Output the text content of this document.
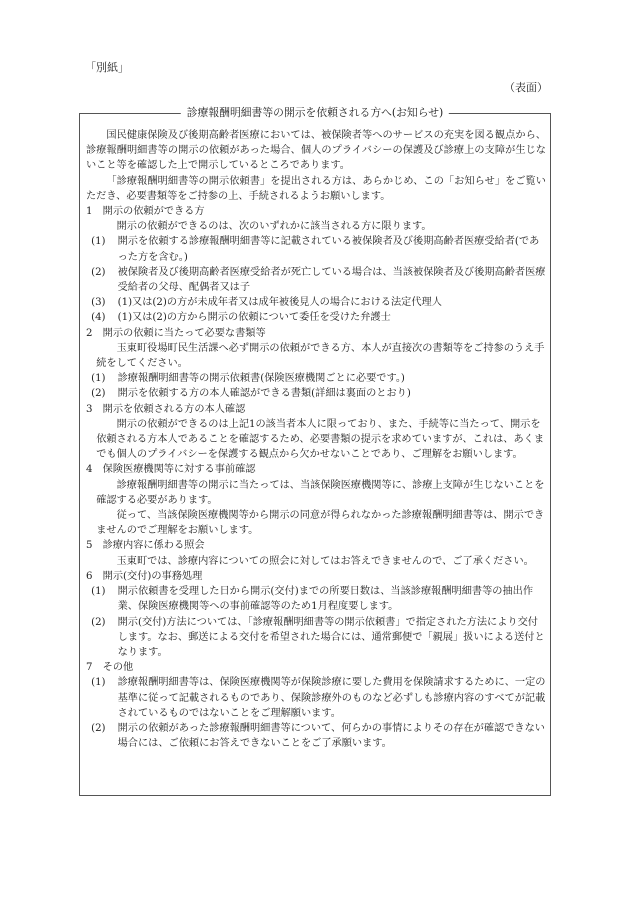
「別紙」
（表面）
診療報酬明細書等の開示を依頼される方へ(お知らせ)
国民健康保険及び後期高齢者医療においては、被保険者等へのサービスの充実を図る観点から、診療報酬明細書等の開示の依頼があった場合、個人のプライバシーの保護及び診療上の支障が生じないこと等を確認した上で開示しているところであります。
「診療報酬明細書等の開示依頼書」を提出される方は、あらかじめ、この「お知らせ」をご覧いただき、必要書類等をご持参の上、手続されるようお願いします。
1　開示の依頼ができる方
開示の依頼ができるのは、次のいずれかに該当される方に限ります。
(1) 開示を依頼する診療報酬明細書等に記載されている被保険者及び後期高齢者医療受給者(であった方を含む。)
(2) 被保険者及び後期高齢者医療受給者が死亡している場合は、当該被保険者及び後期高齢者医療受給者の父母、配偶者又は子
(3) (1)又は(2)の方が未成年者又は成年被後見人の場合における法定代理人
(4) (1)又は(2)の方から開示の依頼について委任を受けた弁護士
2　開示の依頼に当たって必要な書類等
玉東町役場町民生活課へ必ず開示の依頼ができる方、本人が直接次の書類等をご持参のうえ手続をしてください。
(1) 診療報酬明細書等の開示依頼書(保険医療機関ごとに必要です。)
(2) 開示を依頼する方の本人確認ができる書類(詳細は裏面のとおり)
3　開示を依頼される方の本人確認
開示の依頼ができるのは上記1の該当者本人に限っており、また、手続等に当たって、開示を依頼される方本人であることを確認するため、必要書類の提示を求めていますが、これは、あくまでも個人のプライバシーを保護する観点から欠かせないことであり、ご理解をお願いします。
4　保険医療機関等に対する事前確認
診療報酬明細書等の開示に当たっては、当該保険医療機関等に、診療上支障が生じないことを確認する必要があります。
従って、当該保険医療機関等から開示の同意が得られなかった診療報酬明細書等は、開示できませんのでご理解をお願いします。
5　診療内容に係わる照会
玉東町では、診療内容についての照会に対してはお答えできませんので、ご了承ください。
6　開示(交付)の事務処理
(1) 開示依頼書を受理した日から開示(交付)までの所要日数は、当該診療報酬明細書等の抽出作業、保険医療機関等への事前確認等のため1月程度要します。
(2) 開示(交付)方法については、「診療報酬明細書等の開示依頼書」で指定された方法により交付します。なお、郵送による交付を希望された場合には、通常郵便で「親展」扱いによる送付となります。
7　その他
(1) 診療報酬明細書等は、保険医療機関等が保険診療に要した費用を保険請求するために、一定の基準に従って記載されるものであり、保険診療外のものなど必ずしも診療内容のすべてが記載されているものではないことをご理解願います。
(2) 開示の依頼があった診療報酬明細書等について、何らかの事情によりその存在が確認できない場合には、ご依頼にお答えできないことをご了承願います。
